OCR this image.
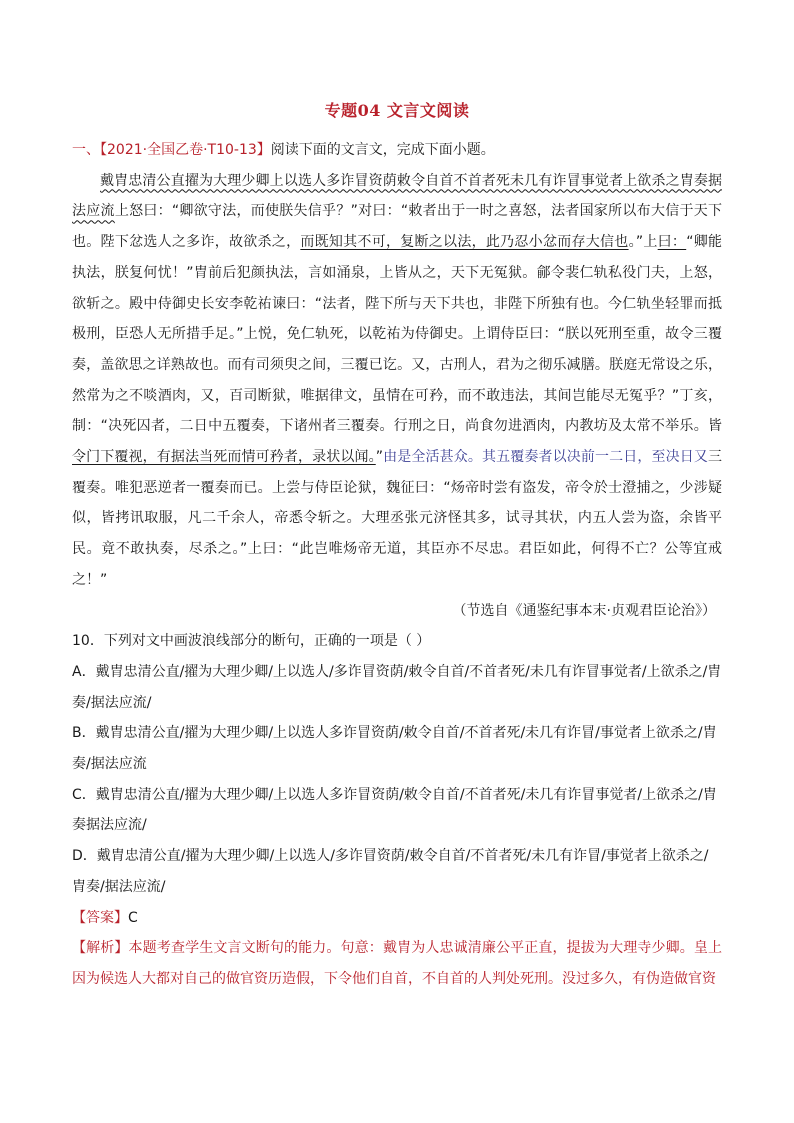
专题04 文言文阅读

一、【2021·全国乙卷·T10-13】阅读下面的文言文，完成下面小题。

戴胄忠清公直擢为大理少卿上以选人多诈冒资荫敕令自首不首者死未几有诈冒事觉者上欲杀之胄奏据法应流上怒曰：“卿欲守法，而使朕失信乎？”对曰：“敕者出于一时之喜怒，法者国家所以布大信于天下也。陛下忿选人之多诈，故欲杀之，而既知其不可，复断之以法，此乃忍小忿而存大信也。”上曰：“卿能执法，朕复何忧！”胄前后犯颜执法，言如涌泉，上皆从之，天下无冤狱。鄃令裴仁轨私役门夫，上怒，欲斩之。殿中侍御史长安李乾祐谏曰：“法者，陛下所与天下共也，非陛下所独有也。今仁轨坐轻罪而抵极刑，臣恐人无所措手足。”上悦，免仁轨死，以乾祐为侍御史。上谓侍臣曰：“朕以死刑至重，故令三覆奏，盖欲思之详熟故也。而有司须臾之间，三覆已讫。又，古刑人，君为之彻乐减膳。朕庭无常设之乐，然常为之不啖酒肉，又，百司断狱，唯据律文，虽情在可矜，而不敢违法，其间岂能尽无冤乎？”丁亥，制：“决死囚者，二日中五覆奏，下诸州者三覆奏。行刑之日，尚食勿进酒肉，内教坊及太常不举乐。皆令门下覆视，有据法当死而情可矜者，录状以闻。”由是全活甚众。其五覆奏者以决前一二日，至决日又三覆奏。唯犯恶逆者一覆奏而已。上尝与侍臣论狱，魏征曰：“炀帝时尝有盗发，帝令於士澄捕之，少涉疑似，皆拷讯取服，凡二千余人，帝悉令斩之。大理丞张元济怪其多，试寻其状，内五人尝为盗，余皆平民。竟不敢执奏，尽杀之。”上曰：“此岂唯炀帝无道，其臣亦不尽忠。君臣如此，何得不亡？公等宜戒之！”

（节选自《通鉴纪事本末·贞观君臣论治》）

10．下列对文中画波浪线部分的断句，正确的一项是（ ）

A．戴胄忠清公直/擢为大理少卿/上以选人/多诈冒资荫/敕令自首/不首者死/未几有诈冒事觉者/上欲杀之/胄奏/据法应流/

B．戴胄忠清公直/擢为大理少卿/上以选人多诈冒资荫/敕令自首/不首者死/未几有诈冒/事觉者上欲杀之/胄奏/据法应流

C．戴胄忠清公直/擢为大理少卿/上以选人多诈冒资荫/敕令自首/不首者死/未几有诈冒事觉者/上欲杀之/胄奏据法应流/

D．戴胄忠清公直/擢为大理少卿/上以选人/多诈冒资荫/敕令自首/不首者死/未几有诈冒/事觉者上欲杀之/胄奏/据法应流/

【答案】C

【解析】本题考查学生文言文断句的能力。句意：戴胄为人忠诚清廉公平正直，提拔为大理寺少卿。皇上因为候选人大都对自己的做官资历造假，下令他们自首，不自首的人判处死刑。没过多久，有伪造做官资
